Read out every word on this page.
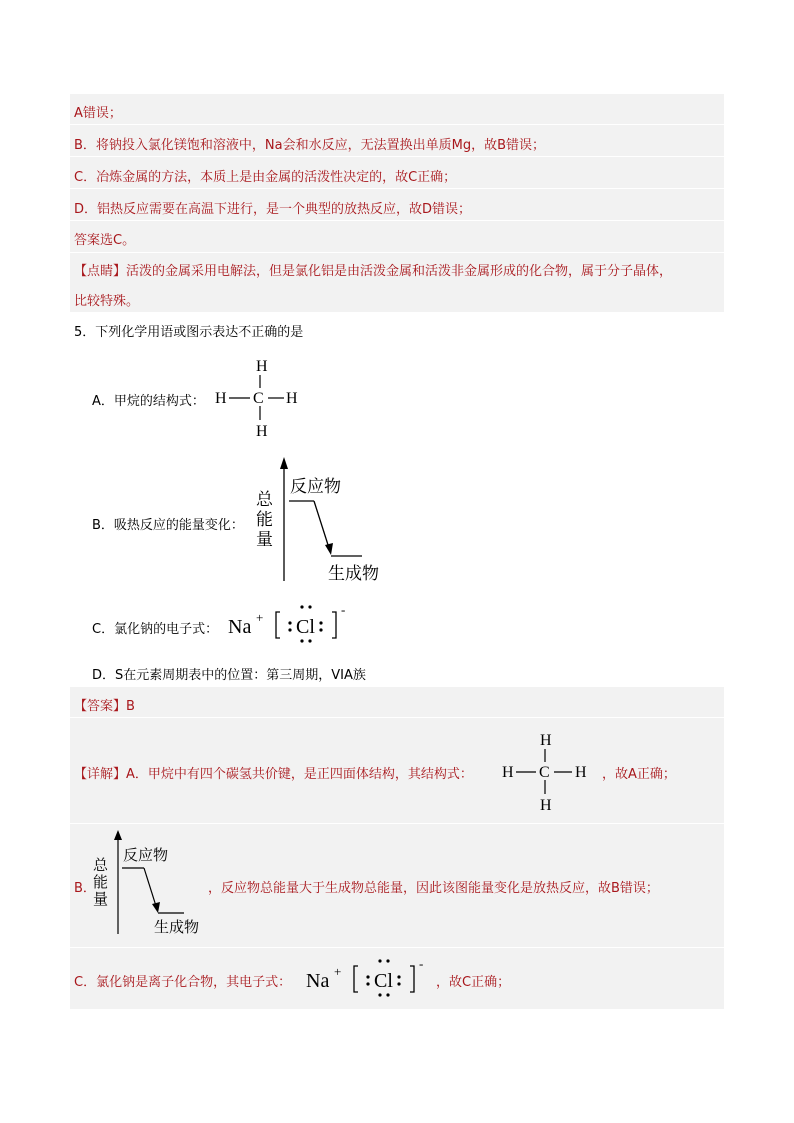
A错误；
B．将钠投入氯化镁饱和溶液中，Na会和水反应，无法置换出单质Mg，故B错误；
C．冶炼金属的方法，本质上是由金属的活泼性决定的，故C正确；
D．铝热反应需要在高温下进行，是一个典型的放热反应，故D错误；
答案选C。
【点睛】活泼的金属采用电解法，但是氯化铝是由活泼金属和活泼非金属形成的化合物，属于分子晶体，
比较特殊。
5．下列化学用语或图示表达不正确的是
A．甲烷的结构式：
H
H
H	H
C
B．吸热反应的能量变化：
总
能
量
反应物
生成物
C．氯化钠的电子式： Na + Cl
-
D．S在元素周期表中的位置：第三周期，VIA族
【答案】B
【详解】A．甲烷中有四个碳氢共价键，是正四面体结构，其结构式：
H
H
H	H
C	，故A正确；
B．
总
能
量
反应物
生成物
，反应物总能量大于生成物总能量，因此该图能量变化是放热反应，故B错误；
C．氯化钠是离子化合物，其电子式： Na + Cl
-
，故C正确；
